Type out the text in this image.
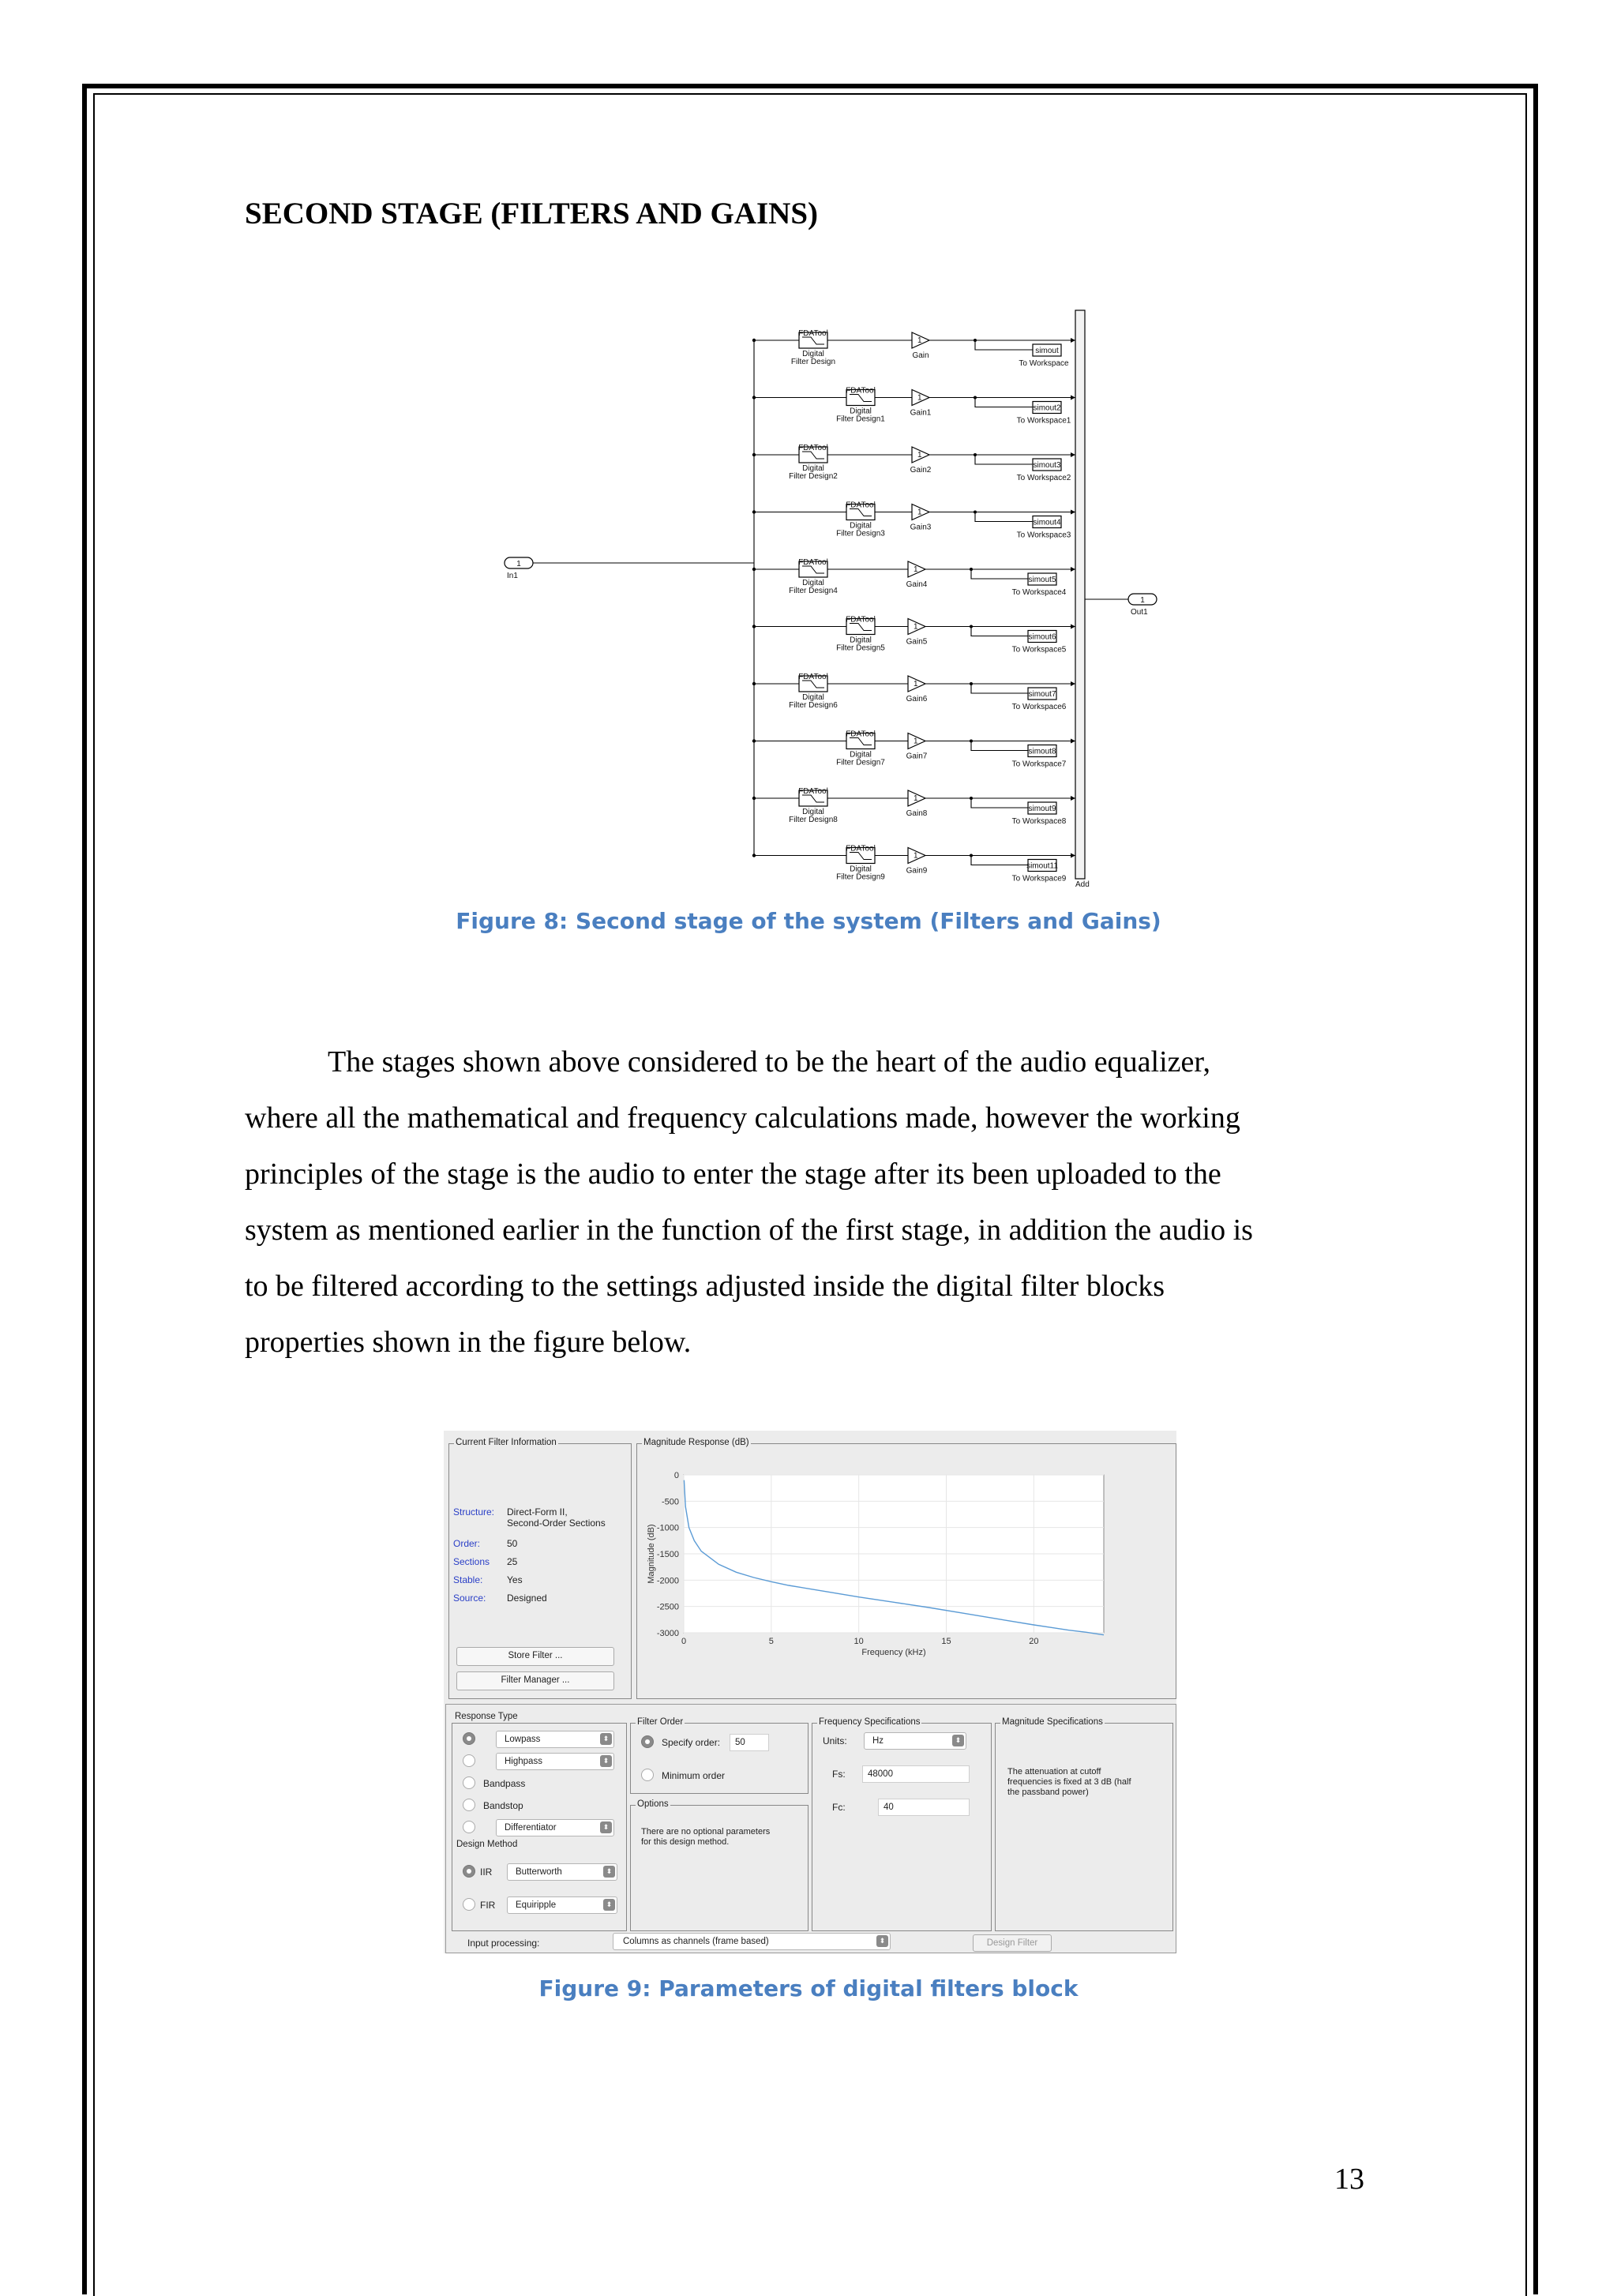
SECOND STAGE (FILTERS AND GAINS)
1
In1
1
Out1
Add
FDATool
Digital
Filter Design
1
Gain
simout
To Workspace
FDATool
Digital
Filter Design1
1
Gain1
simout2
To Workspace1
FDATool
Digital
Filter Design2
1
Gain2
simout3
To Workspace2
FDATool
Digital
Filter Design3
1
Gain3
simout4
To Workspace3
FDATool
Digital
Filter Design4
1
Gain4
simout5
To Workspace4
FDATool
Digital
Filter Design5
1
Gain5
simout6
To Workspace5
FDATool
Digital
Filter Design6
1
Gain6
simout7
To Workspace6
FDATool
Digital
Filter Design7
1
Gain7
simout8
To Workspace7
FDATool
Digital
Filter Design8
1
Gain8
simout9
To Workspace8
FDATool
Digital
Filter Design9
1
Gain9
simout11
To Workspace9
Figure 8: Second stage of the system (Filters and Gains)
The stages shown above considered to be the heart of the audio equalizer,
where all the mathematical and frequency calculations made, however the working
principles of the stage is the audio to enter the stage after its been uploaded to the
system as mentioned earlier in the function of the first stage, in addition the audio is
to be filtered according to the settings adjusted inside the digital filter blocks
properties shown in the figure below.
Current Filter Information
Structure: Direct-Form II,
Second-Order Sections
Order:	50
Sections 25
Stable:	Yes
Source: Designed
Store Filter ...
Filter Manager ...
Magnitude Response (dB)
0	5	10	15	20
0
-500
-1000
-1500
-2000
-2500
-3000
Magnitude (dB)
Frequency (kHz)
Response Type
Lowpass	⬍
Highpass	⬍
Bandpass
Bandstop
Differentiator	⬍
Design Method
IIR	Butterworth	⬍
FIR	Equiripple	⬍
Filter Order
Specify order:	50
Minimum order
Options
There are no optional parameters
for this design method.
Frequency Specifications
Units:	Hz	⬍
Fs:	48000
Fc:	40
Magnitude Specifications
The attenuation at cutoff
frequencies is fixed at 3 dB (half
the passband power)
Input processing:	Columns as channels (frame based)	⬍	Design Filter
Figure 9: Parameters of digital filters block
13
